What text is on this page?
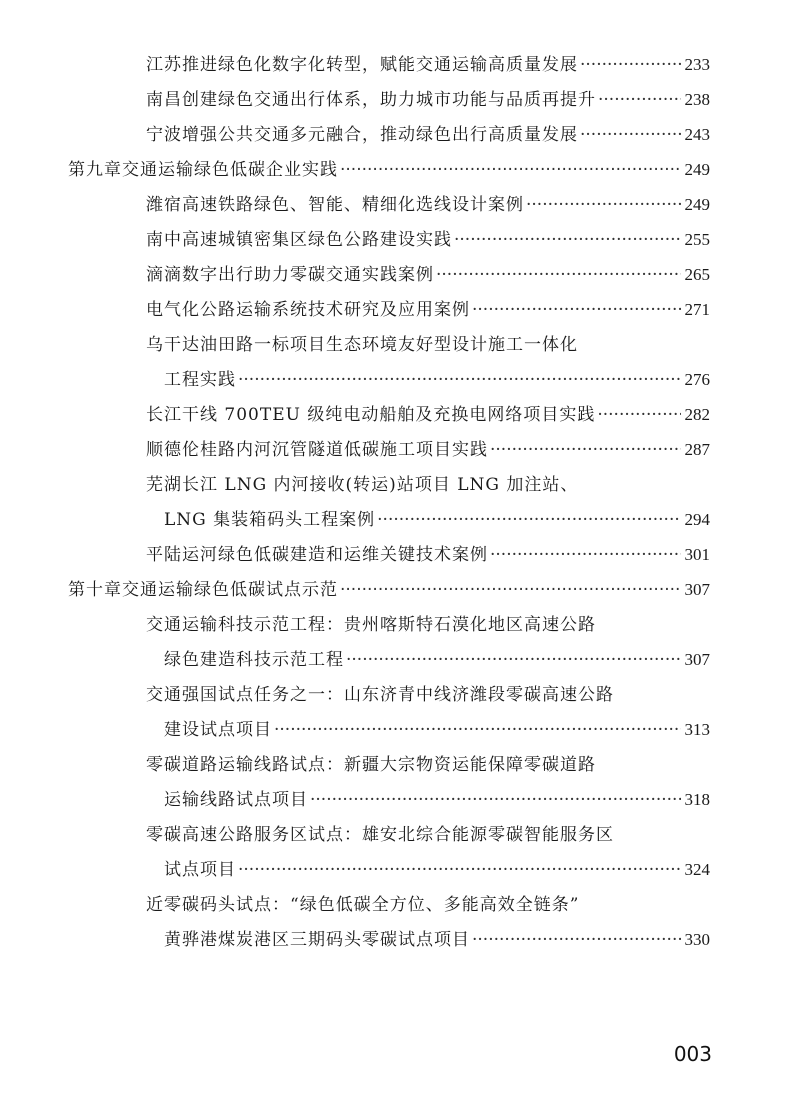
江苏推进绿色化数字化转型，赋能交通运输高质量发展 ·····	233
南昌创建绿色交通出行体系，助力城市功能与品质再提升 ·····	238
宁波增强公共交通多元融合，推动绿色出行高质量发展 ·····	243
第九章 交通运输绿色低碳企业实践 ·····	249
潍宿高速铁路绿色、智能、精细化选线设计案例 ·····	249
南中高速城镇密集区绿色公路建设实践 ·····	255
滴滴数字出行助力零碳交通实践案例 ·····	265
电气化公路运输系统技术研究及应用案例 ·····	271
乌干达油田路一标项目生态环境友好型设计施工一体化
工程实践 ·····	276
长江干线 700TEU 级纯电动船舶及充换电网络项目实践 ·····	282
顺德伦桂路内河沉管隧道低碳施工项目实践 ·····	287
芜湖长江 LNG 内河接收(转运)站项目 LNG 加注站、
LNG 集装箱码头工程案例 ·····	294
平陆运河绿色低碳建造和运维关键技术案例 ·····	301
第十章 交通运输绿色低碳试点示范 ·····	307
交通运输科技示范工程：贵州喀斯特石漠化地区高速公路
绿色建造科技示范工程 ·····	307
交通强国试点任务之一：山东济青中线济潍段零碳高速公路
建设试点项目 ·····	313
零碳道路运输线路试点：新疆大宗物资运能保障零碳道路
运输线路试点项目 ·····	318
零碳高速公路服务区试点：雄安北综合能源零碳智能服务区
试点项目 ·····	324
近零碳码头试点：“绿色低碳全方位、多能高效全链条”
黄骅港煤炭港区三期码头零碳试点项目 ·····	330
003
